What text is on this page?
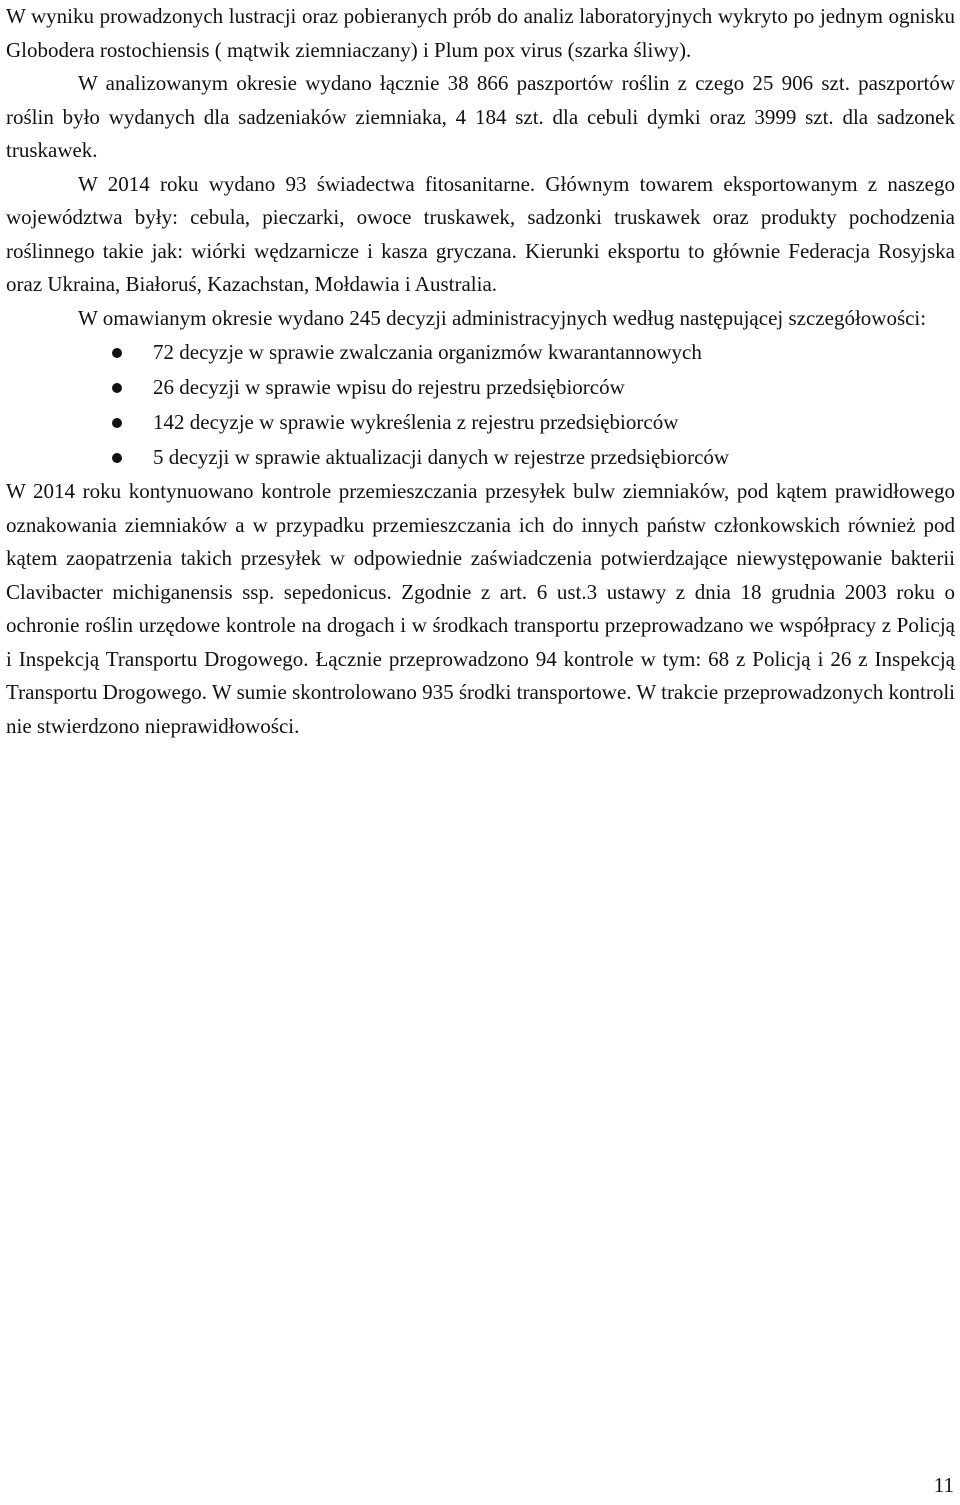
W wyniku prowadzonych lustracji oraz pobieranych prób do analiz laboratoryjnych wykryto po jednym ognisku Globodera rostochiensis ( mątwik ziemniaczany) i Plum pox virus (szarka śliwy).

W analizowanym okresie wydano łącznie 38 866 paszportów roślin z czego 25 906 szt. paszportów roślin było wydanych dla sadzeniaków ziemniaka, 4 184 szt. dla cebuli dymki oraz 3999 szt. dla sadzonek truskawek.

W 2014 roku wydano 93 świadectwa fitosanitarne. Głównym towarem eksportowanym z naszego województwa były: cebula, pieczarki, owoce truskawek, sadzonki truskawek oraz produkty pochodzenia roślinnego takie jak: wiórki wędzarnicze i kasza gryczana. Kierunki eksportu to głównie Federacja Rosyjska oraz Ukraina, Białoruś, Kazachstan, Mołdawia i Australia.

W omawianym okresie wydano 245 decyzji administracyjnych według następującej szczegółowości:

72 decyzje w sprawie zwalczania organizmów kwarantannowych
26 decyzji w sprawie wpisu do rejestru przedsiębiorców
142 decyzje w sprawie wykreślenia z rejestru przedsiębiorców
5 decyzji w sprawie aktualizacji danych w rejestrze przedsiębiorców

W 2014 roku kontynuowano kontrole przemieszczania przesyłek bulw ziemniaków, pod kątem prawidłowego oznakowania ziemniaków a w przypadku przemieszczania ich do innych państw członkowskich również pod kątem zaopatrzenia takich przesyłek w odpowiednie zaświadczenia potwierdzające niewystępowanie bakterii Clavibacter michiganensis ssp. sepedonicus. Zgodnie z art. 6 ust.3 ustawy z dnia 18 grudnia 2003 roku o ochronie roślin urzędowe kontrole na drogach i w środkach transportu przeprowadzano we współpracy z Policją i Inspekcją Transportu Drogowego. Łącznie przeprowadzono 94 kontrole w tym: 68 z Policją i 26 z Inspekcją Transportu Drogowego. W sumie skontrolowano 935 środki transportowe. W trakcie przeprowadzonych kontroli nie stwierdzono nieprawidłowości.

11
